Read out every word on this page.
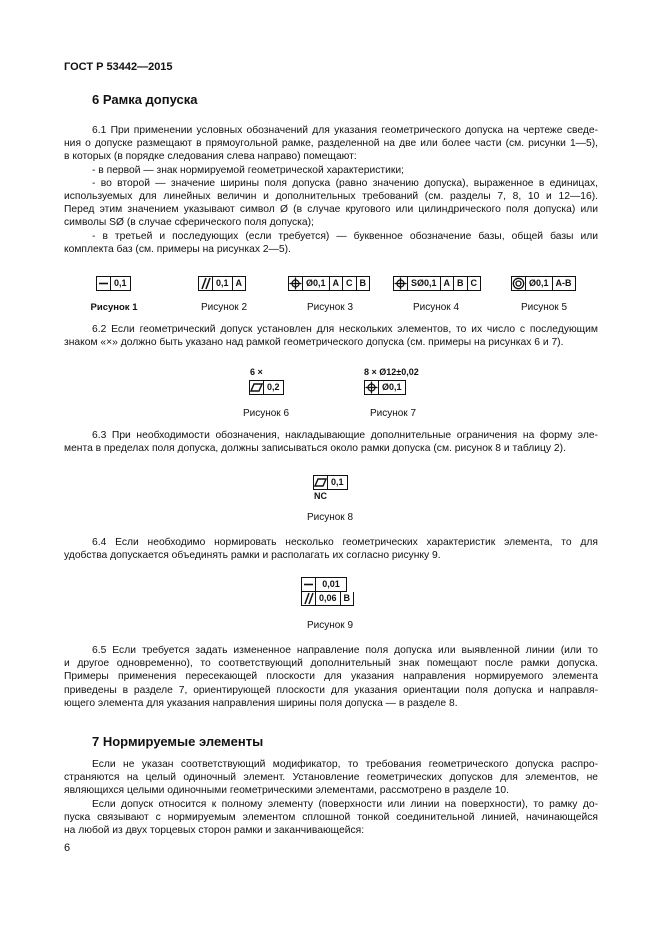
ГОСТ Р 53442—2015
6 Рамка допуска
6.1 При применении условных обозначений для указания геометрического допуска на чертеже сведе-
ния о допуске размещают в прямоугольной рамке, разделенной на две или более части (см. рисунки 1—5),
в которых (в порядке следования слева направо) помещают:
- в первой — знак нормируемой геометрической характеристики;
- во второй — значение ширины поля допуска (равно значению допуска), выраженное в единицах,
используемых для линейных величин и дополнительных требований (см. разделы 7, 8, 10 и 12—16).
Перед этим значением указывают символ Ø (в случае кругового или цилиндрического поля допуска) или
символы SØ (в случае сферического поля допуска);
- в третьей и последующих (если требуется) — буквенное обозначение базы, общей базы или
комплекта баз (см. примеры на рисунках 2—5).
0,1
Рисунок 1
0,1 A
Рисунок 2
Ø0,1 A C B
Рисунок 3
SØ0,1 A B C
Рисунок 4
Ø0,1 A-B
Рисунок 5
6.2 Если геометрический допуск установлен для нескольких элементов, то их число с последующим
знаком «×» должно быть указано над рамкой геометрического допуска (см. примеры на рисунках 6 и 7).
6 ×
0,2
Рисунок 6
8 × Ø12±0,02
Ø0,1
Рисунок 7
6.3 При необходимости обозначения, накладывающие дополнительные ограничения на форму эле-
мента в пределах поля допуска, должны записываться около рамки допуска (см. рисунок 8 и таблицу 2).
0,1
NC
Рисунок 8
6.4 Если необходимо нормировать несколько геометрических характеристик элемента, то для
удобства допускается объединять рамки и располагать их согласно рисунку 9.
0,01
0,06 B
Рисунок 9
6.5 Если требуется задать измененное направление поля допуска или выявленной линии (или то
и другое одновременно), то соответствующий дополнительный знак помещают после рамки допуска.
Примеры применения пересекающей плоскости для указания направления нормируемого элемента
приведены в разделе 7, ориентирующей плоскости для указания ориентации поля допуска и направля-
ющего элемента для указания направления ширины поля допуска — в разделе 8.
7 Нормируемые элементы
Если не указан соответствующий модификатор, то требования геометрического допуска распро-
страняются на целый одиночный элемент. Установление геометрических допусков для элементов, не
являющихся целыми одиночными геометрическими элементами, рассмотрено в разделе 10.
Если допуск относится к полному элементу (поверхности или линии на поверхности), то рамку до-
пуска связывают с нормируемым элементом сплошной тонкой соединительной линией, начинающейся
на любой из двух торцевых сторон рамки и заканчивающейся:
6
